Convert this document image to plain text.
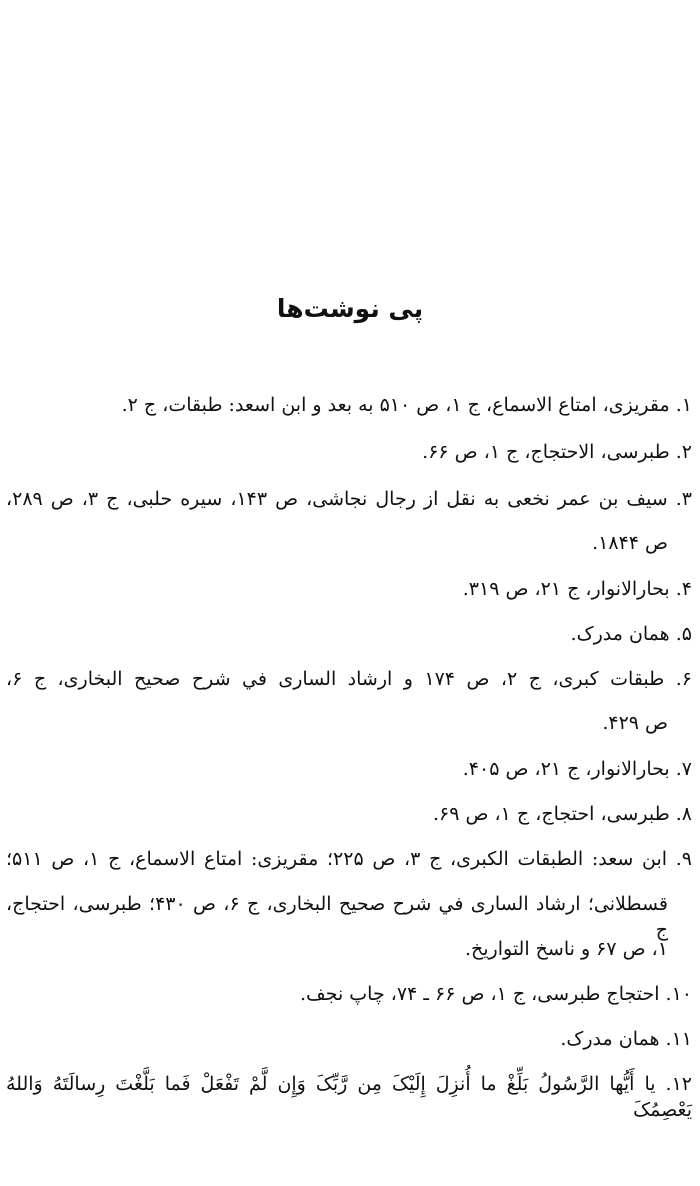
پی نوشت‌ها
۱. مقریزی، امتاع الاسماع، ج ۱، ص ۵۱۰ به بعد و ابن اسعد: طبقات، ج ۲.
۲. طبرسی، الاحتجاج، ج ۱، ص ۶۶.
۳. سیف بن عمر نخعی به نقل از رجال نجاشی، ص ۱۴۳، سیره حلبی، ج ۳، ص ۲۸۹،
ص ۱۸۴۴.
۴. بحارالانوار، ج ۲۱، ص ۳۱۹.
۵. همان مدرک.
۶. طبقات کبری، ج ۲، ص ۱۷۴ و ارشاد الساری في شرح صحیح البخاری، ج ۶،
ص ۴۲۹.
۷. بحارالانوار، ج ۲۱، ص ۴۰۵.
۸. طبرسی، احتجاج، ج ۱، ص ۶۹.
۹. ابن سعد: الطبقات الکبری، ج ۳، ص ۲۲۵؛ مقریزی: امتاع الاسماع، ج ۱، ص ۵۱۱؛
قسطلانی؛ ارشاد الساری في شرح صحیح البخاری، ج ۶، ص ۴۳۰؛ طبرسی، احتجاج، ج
۱، ص ۶۷ و ناسخ التواریخ.
۱۰. احتجاج طبرسی، ج ۱، ص ۶۶ ـ ۷۴، چاپ نجف.
۱۱. همان مدرک.
۱۲. یا أَیُّها الرَّسُولُ بَلِّغْ ما أُنزِلَ إِلَیْکَ مِن رَّبِّکَ وَإِن لَّمْ تَفْعَلْ فَما بَلَّغْتَ رِسالَتَهُ وَاللهُ یَعْصِمُکَ
